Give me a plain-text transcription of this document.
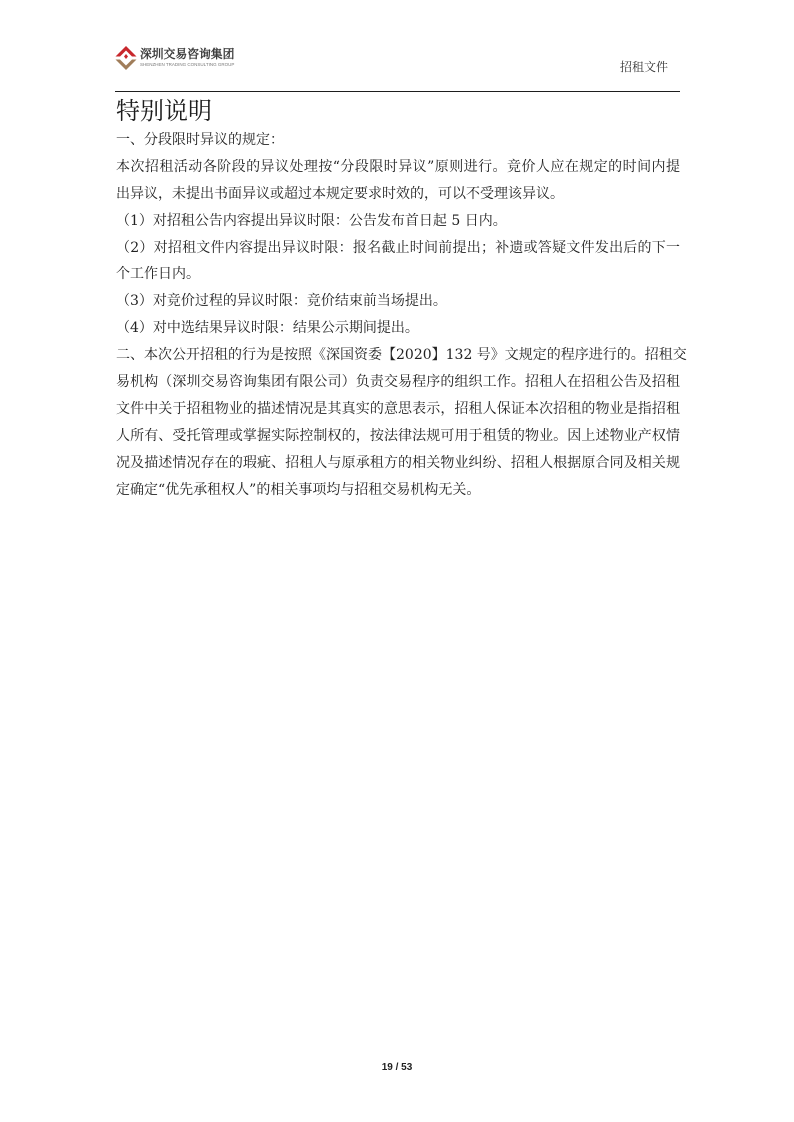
深圳交易咨询集团
SHENZHEN TRADING CONSULTING GROUP	招租文件
特别说明
一、分段限时异议的规定：
本次招租活动各阶段的异议处理按“分段限时异议”原则进行。竞价人应在规定的时间内提
出异议，未提出书面异议或超过本规定要求时效的，可以不受理该异议。
（1）对招租公告内容提出异议时限：公告发布首日起 5 日内。
（2）对招租文件内容提出异议时限：报名截止时间前提出；补遗或答疑文件发出后的下一
个工作日内。
（3）对竞价过程的异议时限：竞价结束前当场提出。
（4）对中选结果异议时限：结果公示期间提出。
二、本次公开招租的行为是按照《深国资委【2020】132 号》文规定的程序进行的。招租交
易机构（深圳交易咨询集团有限公司）负责交易程序的组织工作。招租人在招租公告及招租
文件中关于招租物业的描述情况是其真实的意思表示，招租人保证本次招租的物业是指招租
人所有、受托管理或掌握实际控制权的，按法律法规可用于租赁的物业。因上述物业产权情
况及描述情况存在的瑕疵、招租人与原承租方的相关物业纠纷、招租人根据原合同及相关规
定确定“优先承租权人”的相关事项均与招租交易机构无关。
19 / 53
